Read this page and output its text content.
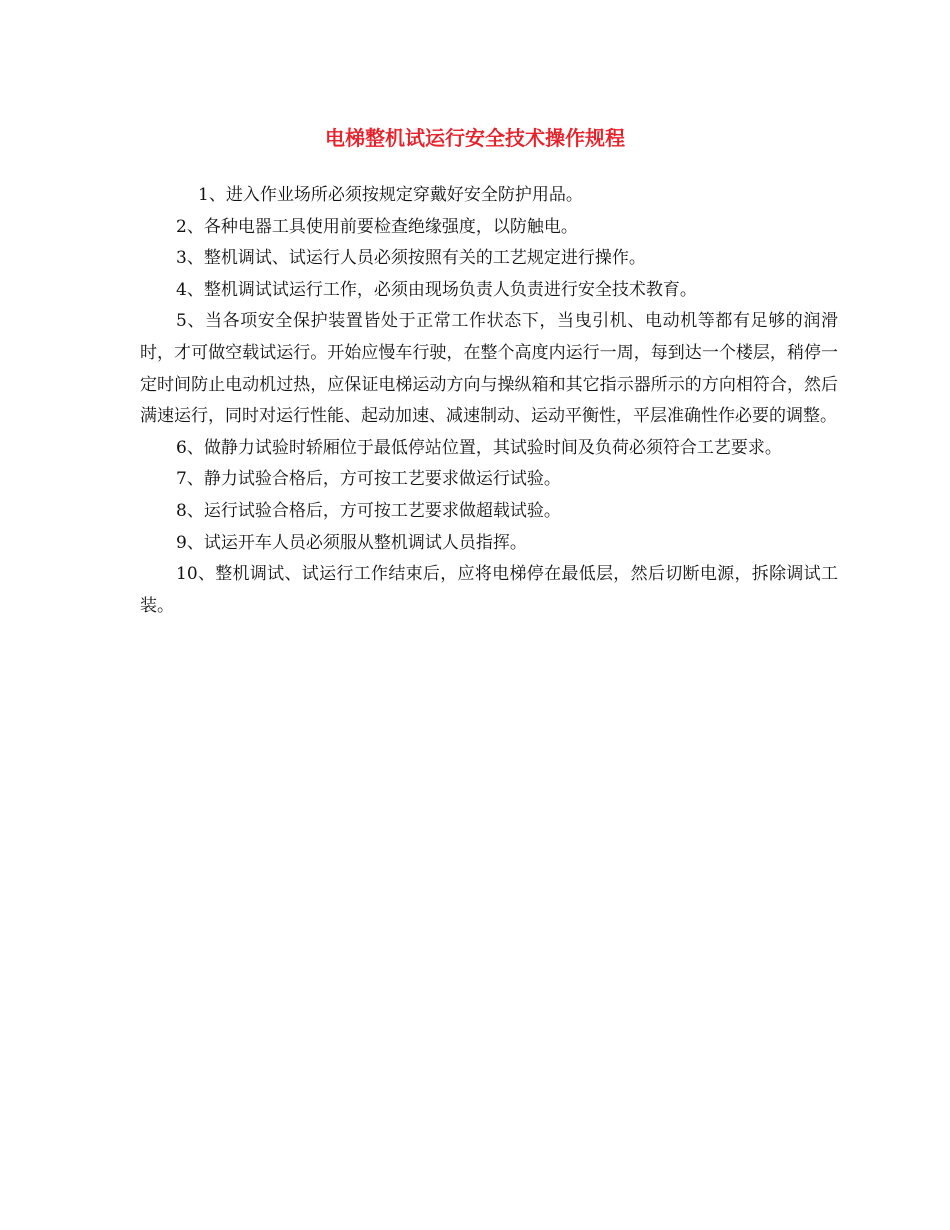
电梯整机试运行安全技术操作规程

1、进入作业场所必须按规定穿戴好安全防护用品。

2、各种电器工具使用前要检查绝缘强度，以防触电。

3、整机调试、试运行人员必须按照有关的工艺规定进行操作。

4、整机调试试运行工作，必须由现场负责人负责进行安全技术教育。

5、当各项安全保护装置皆处于正常工作状态下，当曳引机、电动机等都有足够的润滑时，才可做空载试运行。开始应慢车行驶，在整个高度内运行一周，每到达一个楼层，稍停一定时间防止电动机过热，应保证电梯运动方向与操纵箱和其它指示器所示的方向相符合，然后满速运行，同时对运行性能、起动加速、减速制动、运动平衡性，平层准确性作必要的调整。

6、做静力试验时轿厢位于最低停站位置，其试验时间及负荷必须符合工艺要求。

7、静力试验合格后，方可按工艺要求做运行试验。

8、运行试验合格后，方可按工艺要求做超载试验。

9、试运开车人员必须服从整机调试人员指挥。

10、整机调试、试运行工作结束后，应将电梯停在最低层，然后切断电源，拆除调试工装。
